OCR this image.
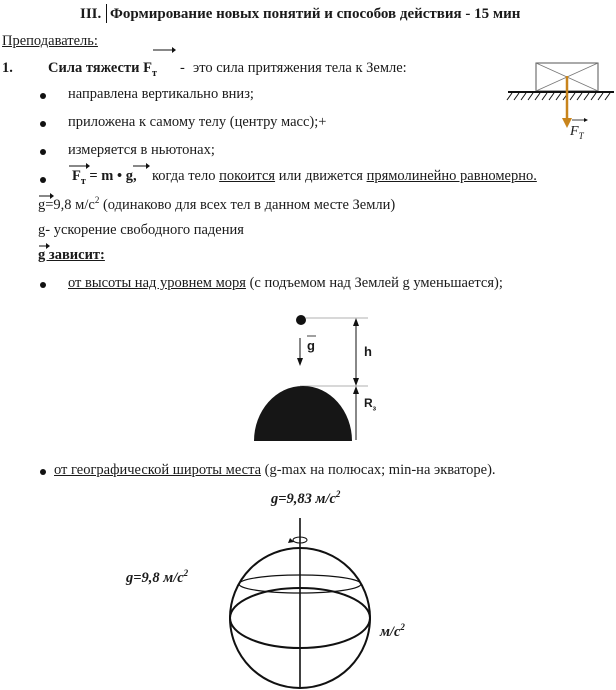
III. Формирование новых понятий и способов действия - 15 мин
Преподаватель:
1. Сила тяжести $F_т$ - это сила притяжения тела к Земле:
$F_T$
направлена вертикально вниз;
приложена к самому телу (центру масс);+
измеряется в ньютонах;
$F_т = m$ • g, когда тело покоится или движется прямолинейно равномерно.
g=9,8 $м/с^2$ (одинаково для всех тел в данном месте Земли)
g- ускорение свободного падения
g зависит:
от высоты над уровнем моря (с подъемом над Землей g уменьшается);
g	h
$R_з$
от географической широты места (g-max на полюсах; min-на экваторе).
g=9,83 $м/с^2$
g=9,8 $м/с^2$
$м/с^2$
